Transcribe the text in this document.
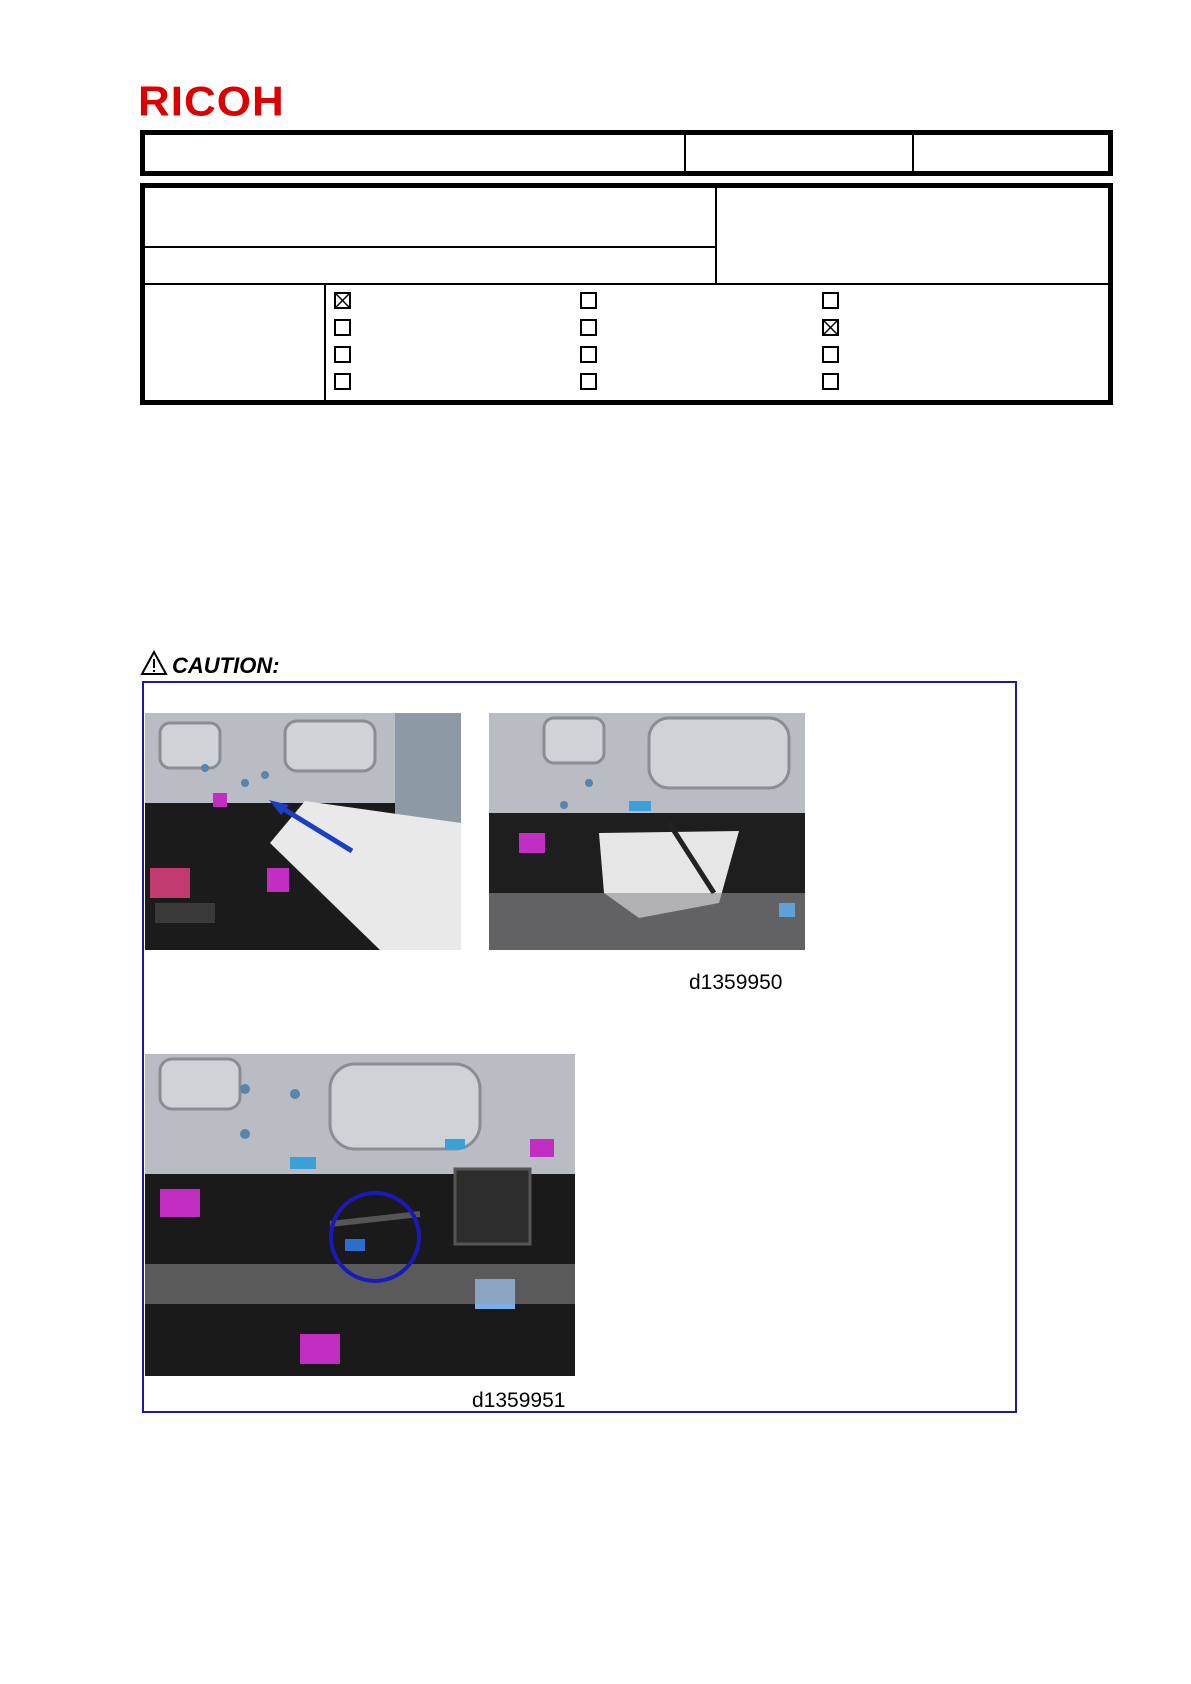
RICOH
CAUTION:
d1359950
d1359951
